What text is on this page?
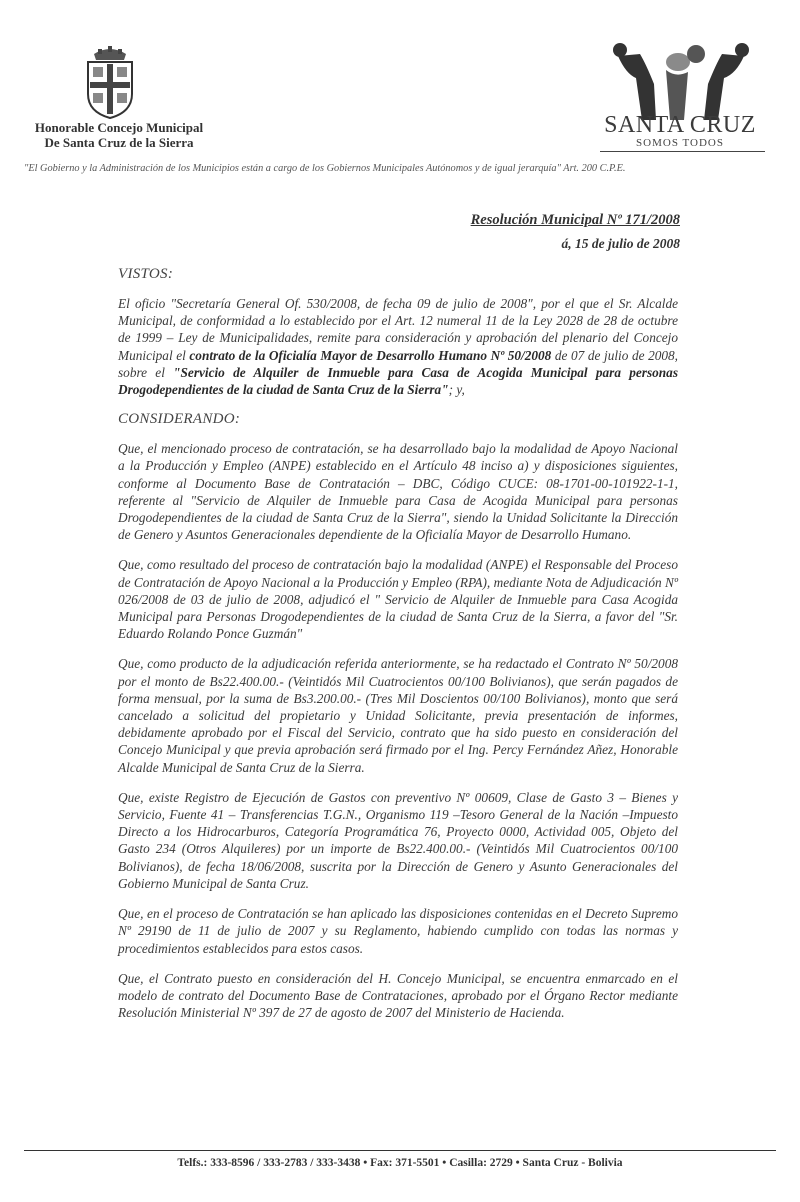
Honorable Concejo Municipal
De Santa Cruz de la Sierra
SANTA CRUZ
SOMOS TODOS
"El Gobierno y la Administración de los Municipios están a cargo de los Gobiernos Municipales Autónomos y de igual jerarquía" Art. 200 C.P.E.
Resolución Municipal Nº 171/2008
á, 15 de julio de 2008
VISTOS:

El oficio "Secretaría General Of. 530/2008, de fecha 09 de julio de 2008", por el que el Sr. Alcalde Municipal, de conformidad a lo establecido por el Art. 12 numeral 11 de la Ley 2028 de 28 de octubre de 1999 – Ley de Municipalidades, remite para consideración y aprobación del plenario del Concejo Municipal el contrato de la Oficialía Mayor de Desarrollo Humano Nº 50/2008 de 07 de julio de 2008, sobre el "Servicio de Alquiler de Inmueble para Casa de Acogida Municipal para personas Drogodependientes de la ciudad de Santa Cruz de la Sierra"; y,

CONSIDERANDO:

Que, el mencionado proceso de contratación, se ha desarrollado bajo la modalidad de Apoyo Nacional a la Producción y Empleo (ANPE) establecido en el Artículo 48 inciso a) y disposiciones siguientes, conforme al Documento Base de Contratación – DBC, Código CUCE: 08-1701-00-101922-1-1, referente al "Servicio de Alquiler de Inmueble para Casa de Acogida Municipal para personas Drogodependientes de la ciudad de Santa Cruz de la Sierra", siendo la Unidad Solicitante la Dirección de Genero y Asuntos Generacionales dependiente de la Oficialía Mayor de Desarrollo Humano.

Que, como resultado del proceso de contratación bajo la modalidad (ANPE) el Responsable del Proceso de Contratación de Apoyo Nacional a la Producción y Empleo (RPA), mediante Nota de Adjudicación Nº 026/2008 de 03 de julio de 2008, adjudicó el " Servicio de Alquiler de Inmueble para Casa Acogida Municipal para Personas Drogodependientes de la ciudad de Santa Cruz de la Sierra, a favor del "Sr. Eduardo Rolando Ponce Guzmán"

Que, como producto de la adjudicación referida anteriormente, se ha redactado el Contrato Nº 50/2008 por el monto de Bs22.400.00.- (Veintidós Mil Cuatrocientos 00/100 Bolivianos), que serán pagados de forma mensual, por la suma de Bs3.200.00.- (Tres Mil Doscientos 00/100 Bolivianos), monto que será cancelado a solicitud del propietario y Unidad Solicitante, previa presentación de informes, debidamente aprobado por el Fiscal del Servicio, contrato que ha sido puesto en consideración del Concejo Municipal y que previa aprobación será firmado por el Ing. Percy Fernández Añez, Honorable Alcalde Municipal de Santa Cruz de la Sierra.

Que, existe Registro de Ejecución de Gastos con preventivo Nº 00609, Clase de Gasto 3 – Bienes y Servicio, Fuente 41 – Transferencias T.G.N., Organismo 119 –Tesoro General de la Nación –Impuesto Directo a los Hidrocarburos, Categoría Programática 76, Proyecto 0000, Actividad 005, Objeto del Gasto 234 (Otros Alquileres) por un importe de Bs22.400.00.- (Veintidós Mil Cuatrocientos 00/100 Bolivianos), de fecha 18/06/2008, suscrita por la Dirección de Genero y Asunto Generacionales del Gobierno Municipal de Santa Cruz.

Que, en el proceso de Contratación se han aplicado las disposiciones contenidas en el Decreto Supremo Nº 29190 de 11 de julio de 2007 y su Reglamento, habiendo cumplido con todas las normas y procedimientos establecidos para estos casos.

Que, el Contrato puesto en consideración del H. Concejo Municipal, se encuentra enmarcado en el modelo de contrato del Documento Base de Contrataciones, aprobado por el Órgano Rector mediante Resolución Ministerial Nº 397 de 27 de agosto de 2007 del Ministerio de Hacienda.

Telfs.: 333-8596 / 333-2783 / 333-3438 • Fax: 371-5501 • Casilla: 2729 • Santa Cruz - Bolivia
